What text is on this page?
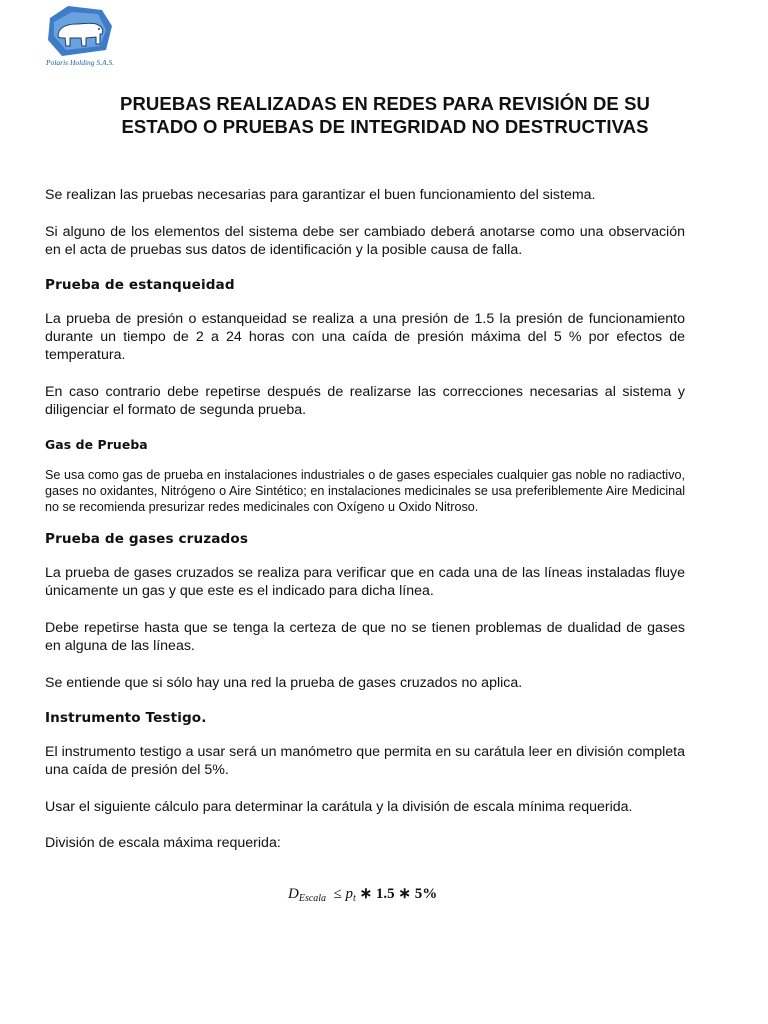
Polaris Holding S.A.S.
PRUEBAS REALIZADAS EN REDES PARA REVISIÓN DE SU
ESTADO O PRUEBAS DE INTEGRIDAD NO DESTRUCTIVAS

Se realizan las pruebas necesarias para garantizar el buen funcionamiento del sistema.

Si alguno de los elementos del sistema debe ser cambiado deberá anotarse como una observación en el acta de pruebas sus datos de identificación y la posible causa de falla.

Prueba de estanqueidad

La prueba de presión o estanqueidad se realiza a una presión de 1.5 la presión de funcionamiento durante un tiempo de 2 a 24 horas con una caída de presión máxima del 5 % por efectos de temperatura.

En caso contrario debe repetirse después de realizarse las correcciones necesarias al sistema y diligenciar el formato de segunda prueba.

Gas de Prueba

Se usa como gas de prueba en instalaciones industriales o de gases especiales cualquier gas noble no radiactivo, gases no oxidantes, Nitrógeno o Aire Sintético; en instalaciones medicinales se usa preferiblemente Aire Medicinal no se recomienda presurizar redes medicinales con Oxígeno u Oxido Nitroso.

Prueba de gases cruzados

La prueba de gases cruzados se realiza para verificar que en cada una de las líneas instaladas fluye únicamente un gas y que este es el indicado para dicha línea.

Debe repetirse hasta que se tenga la certeza de que no se tienen problemas de dualidad de gases en alguna de las líneas.

Se entiende que si sólo hay una red la prueba de gases cruzados no aplica.

Instrumento Testigo.

El instrumento testigo a usar será un manómetro que permita en su carátula leer en división completa una caída de presión del 5%.

Usar el siguiente cálculo para determinar la carátula y la división de escala mínima requerida.

División de escala máxima requerida:

$D_{Escala} \le p_t$ ∗ 1.5 ∗ 5%
